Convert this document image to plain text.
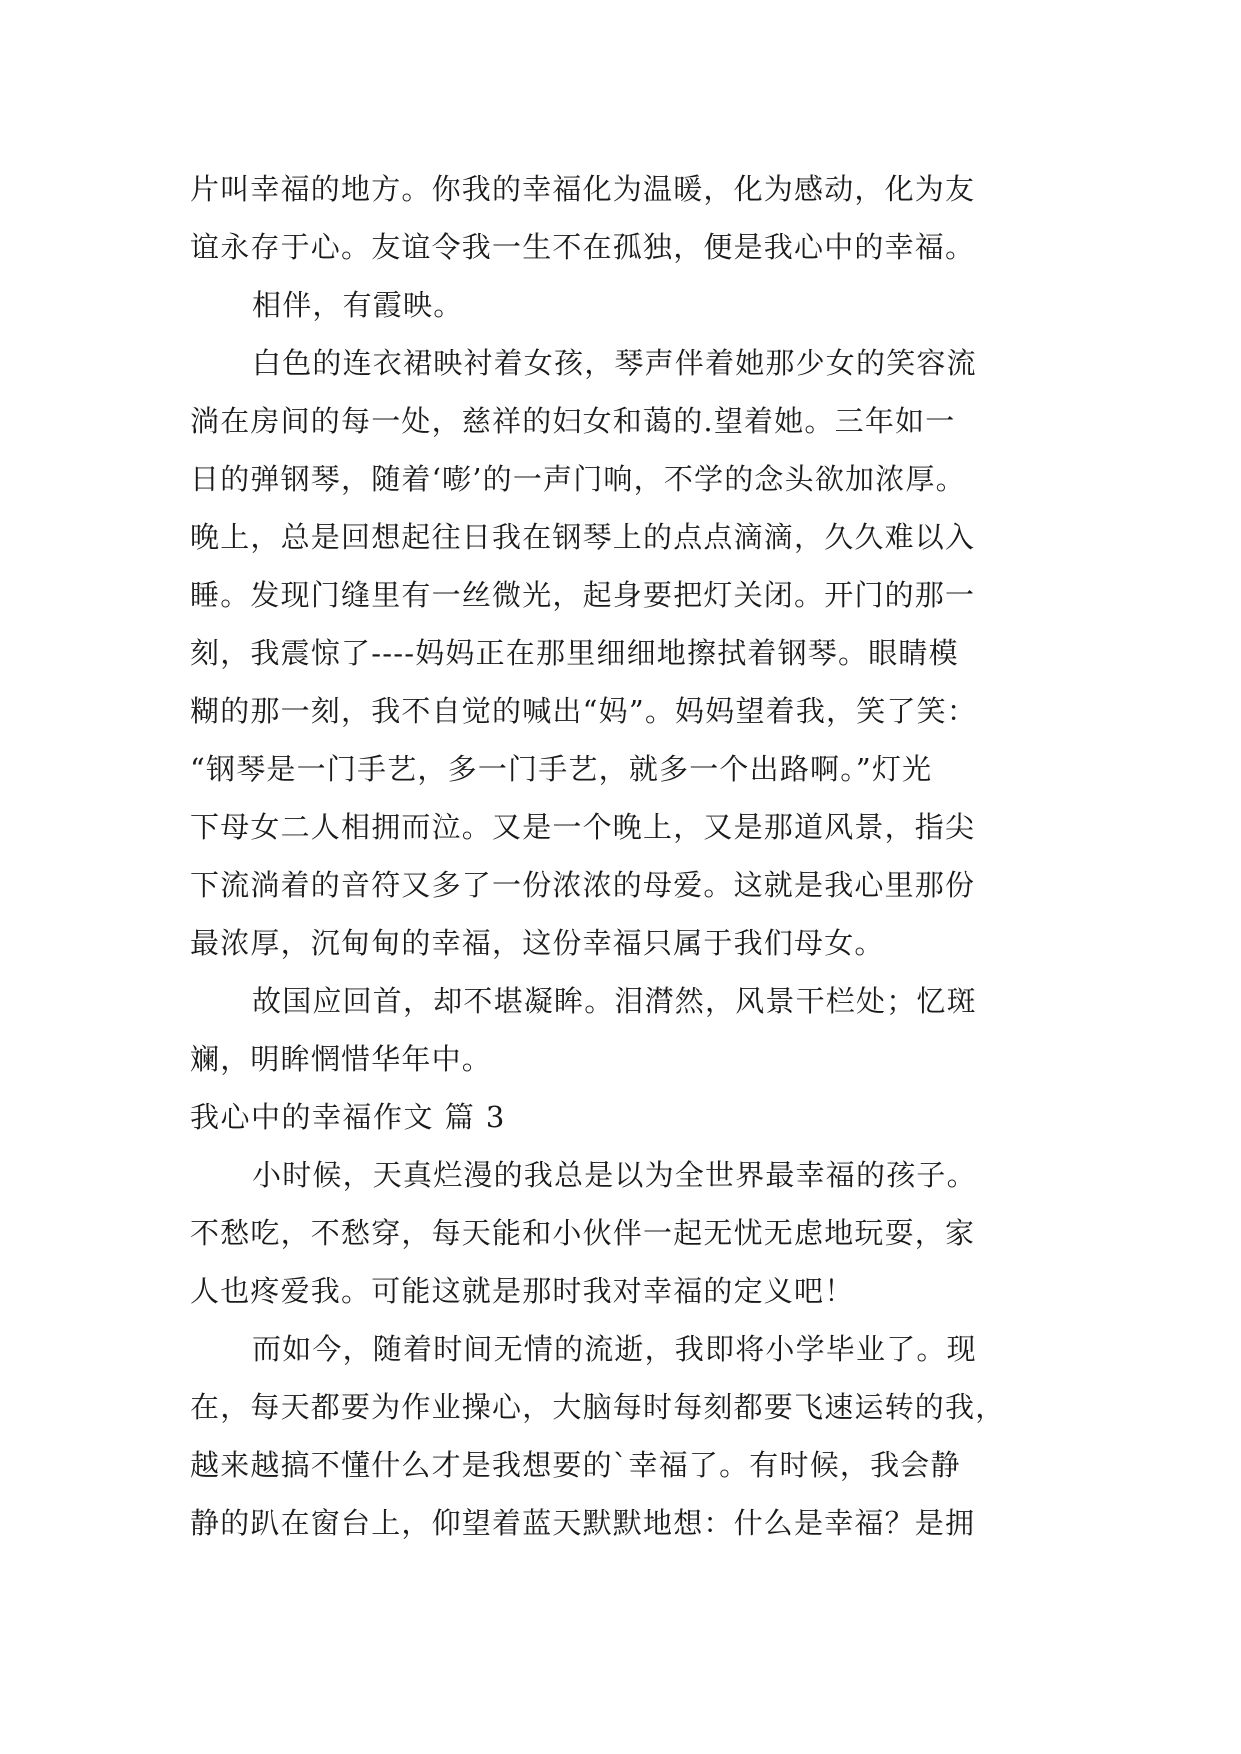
片叫幸福的地方。你我的幸福化为温暖，化为感动，化为友
谊永存于心。友谊令我一生不在孤独，便是我心中的幸福。
相伴，有霞映。
白色的连衣裙映衬着女孩，琴声伴着她那少女的笑容流
淌在房间的每一处，慈祥的妇女和蔼的.望着她。三年如一
日的弹钢琴，随着‘嘭’的一声门响，不学的念头欲加浓厚。
晚上，总是回想起往日我在钢琴上的点点滴滴，久久难以入
睡。发现门缝里有一丝微光，起身要把灯关闭。开门的那一
刻，我震惊了----妈妈正在那里细细地擦拭着钢琴。眼睛模
糊的那一刻，我不自觉的喊出“妈”。妈妈望着我，笑了笑：
“钢琴是一门手艺，多一门手艺，就多一个出路啊。”灯光
下母女二人相拥而泣。又是一个晚上，又是那道风景，指尖
下流淌着的音符又多了一份浓浓的母爱。这就是我心里那份
最浓厚，沉甸甸的幸福，这份幸福只属于我们母女。
故国应回首，却不堪凝眸。泪潸然，风景干栏处；忆斑
斓，明眸惘惜华年中。
我心中的幸福作文 篇 3
小时候，天真烂漫的我总是以为全世界最幸福的孩子。
不愁吃，不愁穿，每天能和小伙伴一起无忧无虑地玩耍，家
人也疼爱我。可能这就是那时我对幸福的定义吧！
而如今，随着时间无情的流逝，我即将小学毕业了。现
在，每天都要为作业操心，大脑每时每刻都要飞速运转的我，
越来越搞不懂什么才是我想要的`幸福了。有时候，我会静
静的趴在窗台上，仰望着蓝天默默地想：什么是幸福？是拥
